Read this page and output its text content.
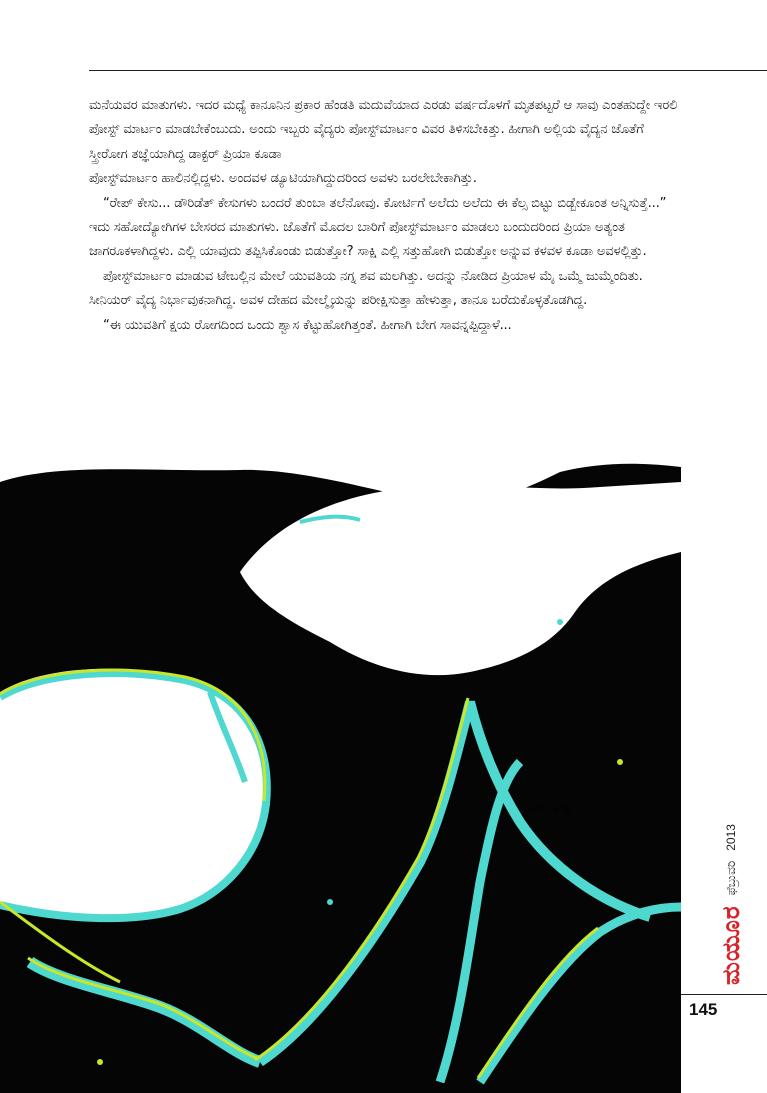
ಮನೆಯವರ ಮಾತುಗಳು. ಇದರ ಮಧ್ಯೆ ಕಾನೂನಿನ ಪ್ರಕಾರ ಹೆಂಡತಿ ಮದುವೆಯಾದ ಎರಡು ವರ್ಷದೊಳಗೆ ಮೃತಪಟ್ಟರೆ ಆ ಸಾವು ಎಂತಹುದ್ದೇ ಇರಲಿ ಪೋಸ್ಟ್ ಮಾರ್ಟಂ ಮಾಡಬೇಕೆಂಬುದು. ಅಂದು ಇಬ್ಬರು ವೈದ್ಯರು ಪೋಸ್ಟ್‌ಮಾರ್ಟಂ ವಿವರ ತಿಳಿಸಬೇಕಿತ್ತು. ಹೀಗಾಗಿ ಅಲ್ಲಿಯ ವೈದ್ಯನ ಜೊತೆಗೆ ಸ್ತ್ರೀರೋಗ ತಜ್ಞೆಯಾಗಿದ್ದ ಡಾಕ್ಟರ್ ಪ್ರಿಯಾ ಕೂಡಾ

ಪೋಸ್ಟ್‌ಮಾರ್ಟಂ ಹಾಲಿನಲ್ಲಿದ್ದಳು. ಅಂದವಳ ಡ್ಯೂಟಿಯಾಗಿದ್ದುದರಿಂದ ಅವಳು ಬರಲೇಬೇಕಾಗಿತ್ತು.

“ರೇಪ್ ಕೇಸು... ಡೌರಿಡೆತ್ ಕೇಸುಗಳು ಬಂದರೆ ತುಂಬಾ ತಲೆನೋವು. ಕೋರ್ಟಿಗೆ ಅಲೆದು ಅಲೆದು ಈ ಕೆಲ್ಸ ಬಿಟ್ಟು ಬಿಡ್ಬೇಕೂಂತ ಅನ್ನಿಸುತ್ತೆ...” ಇದು ಸಹೋದ್ಯೋಗಿಗಳ ಬೇಸರದ ಮಾತುಗಳು. ಜೊತೆಗೆ ಮೊದಲ ಬಾರಿಗೆ ಪೋಸ್ಟ್‌ಮಾರ್ಟಂ ಮಾಡಲು ಬಂದುದರಿಂದ ಪ್ರಿಯಾ ಅತ್ಯಂತ ಜಾಗರೂಕಳಾಗಿದ್ದಳು. ಎಲ್ಲಿ ಯಾವುದು ತಪ್ಪಿಸಿಕೊಂಡು ಬಿಡುತ್ತೋ? ಸಾಕ್ಷಿ ಎಲ್ಲಿ ಸತ್ತುಹೋಗಿ ಬಿಡುತ್ತೋ ಅನ್ನುವ ಕಳವಳ ಕೂಡಾ ಅವಳಲ್ಲಿತ್ತು.

ಪೋಸ್ಟ್‌ಮಾರ್ಟಂ ಮಾಡುವ ಟೇಬಲ್ಲಿನ ಮೇಲೆ ಯುವತಿಯ ನಗ್ನ ಶವ ಮಲಗಿತ್ತು. ಅದನ್ನು ನೋಡಿದ ಪ್ರಿಯಾಳ ಮೈ ಒಮ್ಮೆ ಜುಮ್ಮೆಂದಿತು. ಸೀನಿಯರ್ ವೈದ್ಯ ನಿರ್ಭಾವುಕನಾಗಿದ್ದ. ಅವಳ ದೇಹದ ಮೇಲ್ಮೈಯನ್ನು ಪರೀಕ್ಷಿಸುತ್ತಾ ಹೇಳುತ್ತಾ, ತಾನೂ ಬರೆದುಕೊಳ್ಳತೊಡಗಿದ್ದ.

“ಈ ಯುವತಿಗೆ ಕ್ಷಯ ರೋಗದಿಂದ ಒಂದು ಶ್ವಾಸ ಕೆಟ್ಟುಹೋಗಿತ್ತಂತೆ. ಹೀಗಾಗಿ ಬೇಗ ಸಾವನ್ನಪ್ಪಿದ್ದಾಳೆ...

ಎಸ್. ವಿಷ್ಣು
145
ಮಯೂರ
ಫೆಬ್ರುವರಿ
2013
